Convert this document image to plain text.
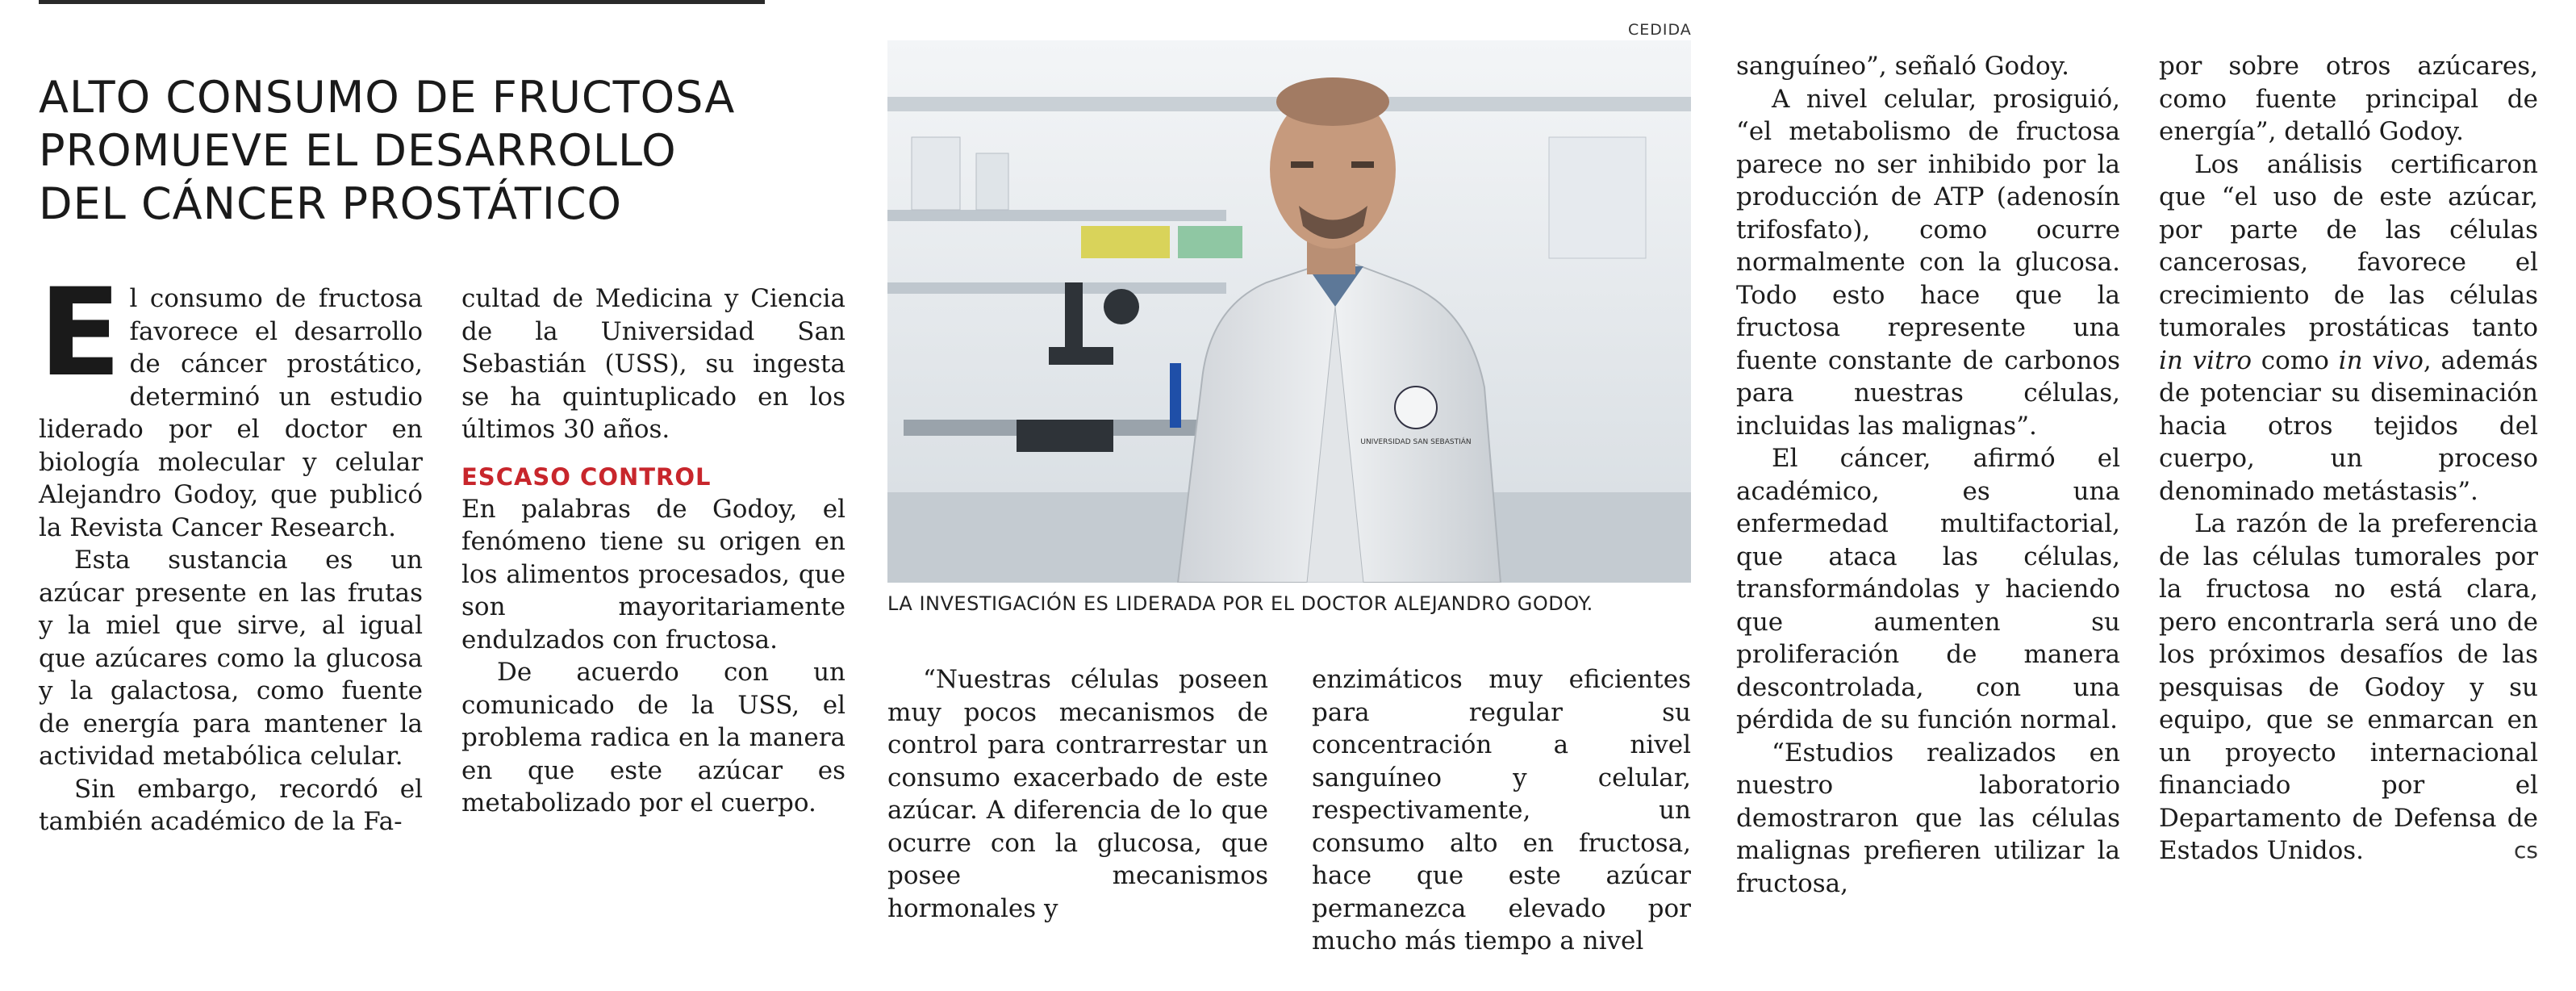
ALTO CONSUMO DE FRUCTOSA
PROMUEVE EL DESARROLLO
DEL CÁNCER PROSTÁTICO
CEDIDA
UNIVERSIDAD SAN SEBASTIÁN
LA INVESTIGACIÓN ES LIDERADA POR EL DOCTOR ALEJANDRO GODOY.

El consumo de fructosa favorece el desarrollo de cáncer prostático, determinó un estudio liderado por el doctor en biología molecular y celular Alejandro Godoy, que publicó la Revista Cancer Research.

Esta sustancia es un azúcar presente en las frutas y la miel que sirve, al igual que azúcares como la glucosa y la galactosa, como fuente de energía para mantener la actividad metabólica celular.

Sin embargo, recordó el también académico de la Fa-

cultad de Medicina y Ciencia de la Universidad San Sebastián (USS), su ingesta se ha quintuplicado en los últimos 30 años.

ESCASO CONTROL

En palabras de Godoy, el fenómeno tiene su origen en los alimentos procesados, que son mayoritariamente endulzados con fructosa.

De acuerdo con un comunicado de la USS, el problema radica en la manera en que este azúcar es metabolizado por el cuerpo.

“Nuestras células poseen muy pocos mecanismos de control para contrarrestar un consumo exacerbado de este azúcar. A diferencia de lo que ocurre con la glucosa, que posee mecanismos hormonales y

enzimáticos muy eficientes para regular su concentración a nivel sanguíneo y celular, respectivamente, un consumo alto en fructosa, hace que este azúcar permanezca elevado por mucho más tiempo a nivel

sanguíneo”, señaló Godoy.

A nivel celular, prosiguió, “el metabolismo de fructosa parece no ser inhibido por la producción de ATP (adenosín trifosfato), como ocurre normalmente con la glucosa. Todo esto hace que la fructosa represente una fuente constante de carbonos para nuestras células, incluidas las malignas”.

El cáncer, afirmó el académico, es una enfermedad multifactorial, que ataca las células, transformándolas y haciendo que aumenten su proliferación de manera descontrolada, con una pérdida de su función normal.

“Estudios realizados en nuestro laboratorio demostraron que las células malignas prefieren utilizar la fructosa,

por sobre otros azúcares, como fuente principal de energía”, detalló Godoy.

Los análisis certificaron que “el uso de este azúcar, por parte de las células cancerosas, favorece el crecimiento de las células tumorales prostáticas tanto in vitro como in vivo, además de potenciar su diseminación hacia otros tejidos del cuerpo, un proceso denominado metástasis”.

La razón de la preferencia de las células tumorales por la fructosa no está clara, pero encontrarla será uno de los próximos desafíos de las pesquisas de Godoy y su equipo, que se enmarcan en un proyecto internacional financiado por el Departamento de Defensa de Estados Unidos.	cs
